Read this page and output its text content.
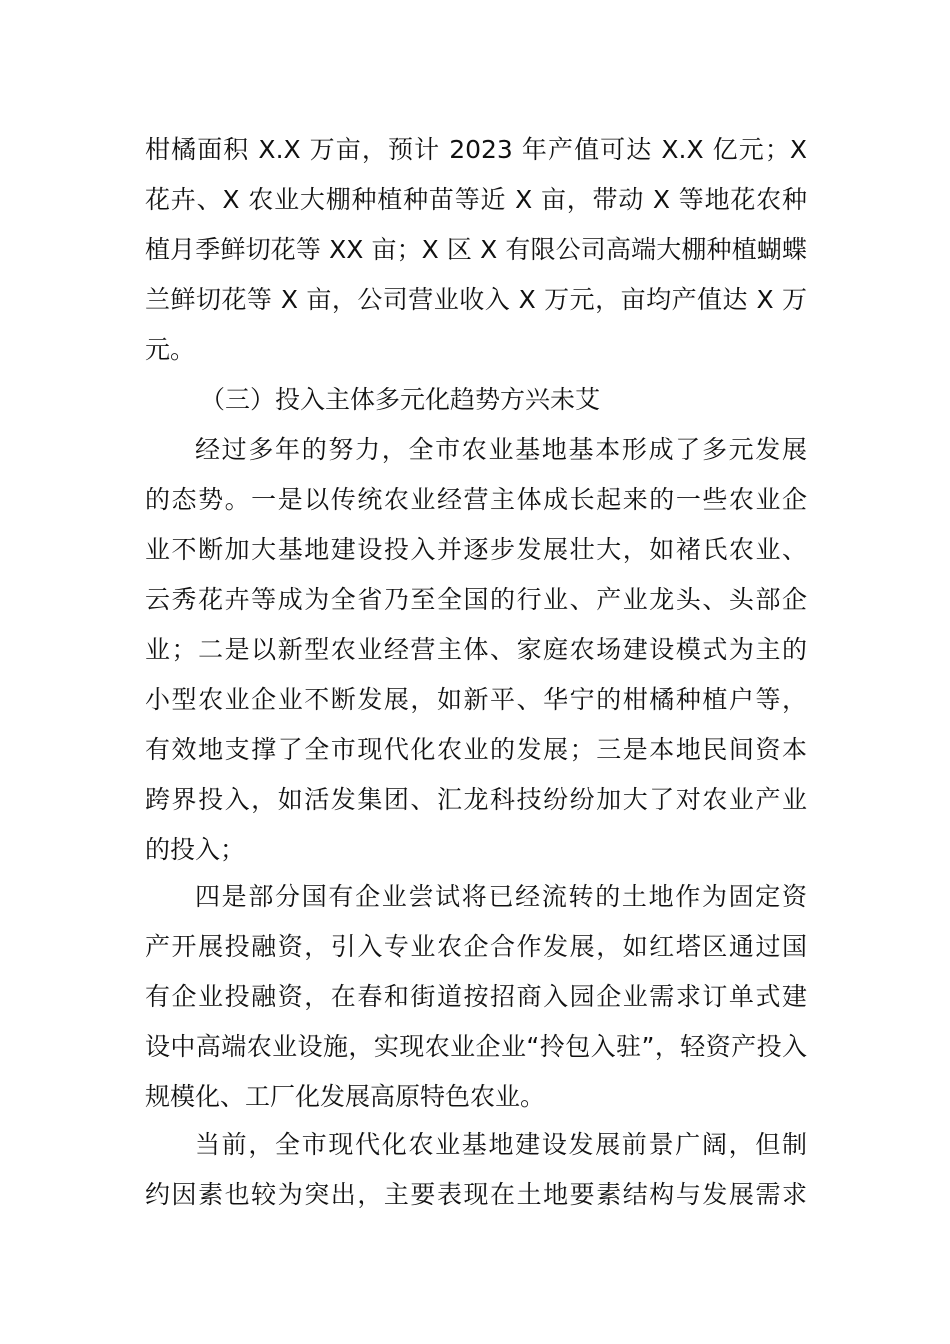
柑橘面积 X.X 万亩，预计 2023 年产值可达 X.X 亿元；X
花卉、X 农业大棚种植种苗等近 X 亩，带动 X 等地花农种
植月季鲜切花等 XX 亩；X 区 X 有限公司高端大棚种植蝴蝶
兰鲜切花等 X 亩，公司营业收入 X 万元，亩均产值达 X 万
元。
（三）投入主体多元化趋势方兴未艾
经过多年的努力，全市农业基地基本形成了多元发展
的态势。一是以传统农业经营主体成长起来的一些农业企
业不断加大基地建设投入并逐步发展壮大，如褚氏农业、
云秀花卉等成为全省乃至全国的行业、产业龙头、头部企
业；二是以新型农业经营主体、家庭农场建设模式为主的
小型农业企业不断发展，如新平、华宁的柑橘种植户等，
有效地支撑了全市现代化农业的发展；三是本地民间资本
跨界投入，如活发集团、汇龙科技纷纷加大了对农业产业
的投入；
四是部分国有企业尝试将已经流转的土地作为固定资
产开展投融资，引入专业农企合作发展，如红塔区通过国
有企业投融资，在春和街道按招商入园企业需求订单式建
设中高端农业设施，实现农业企业“拎包入驻”，轻资产投入
规模化、工厂化发展高原特色农业。
当前，全市现代化农业基地建设发展前景广阔，但制
约因素也较为突出，主要表现在土地要素结构与发展需求
